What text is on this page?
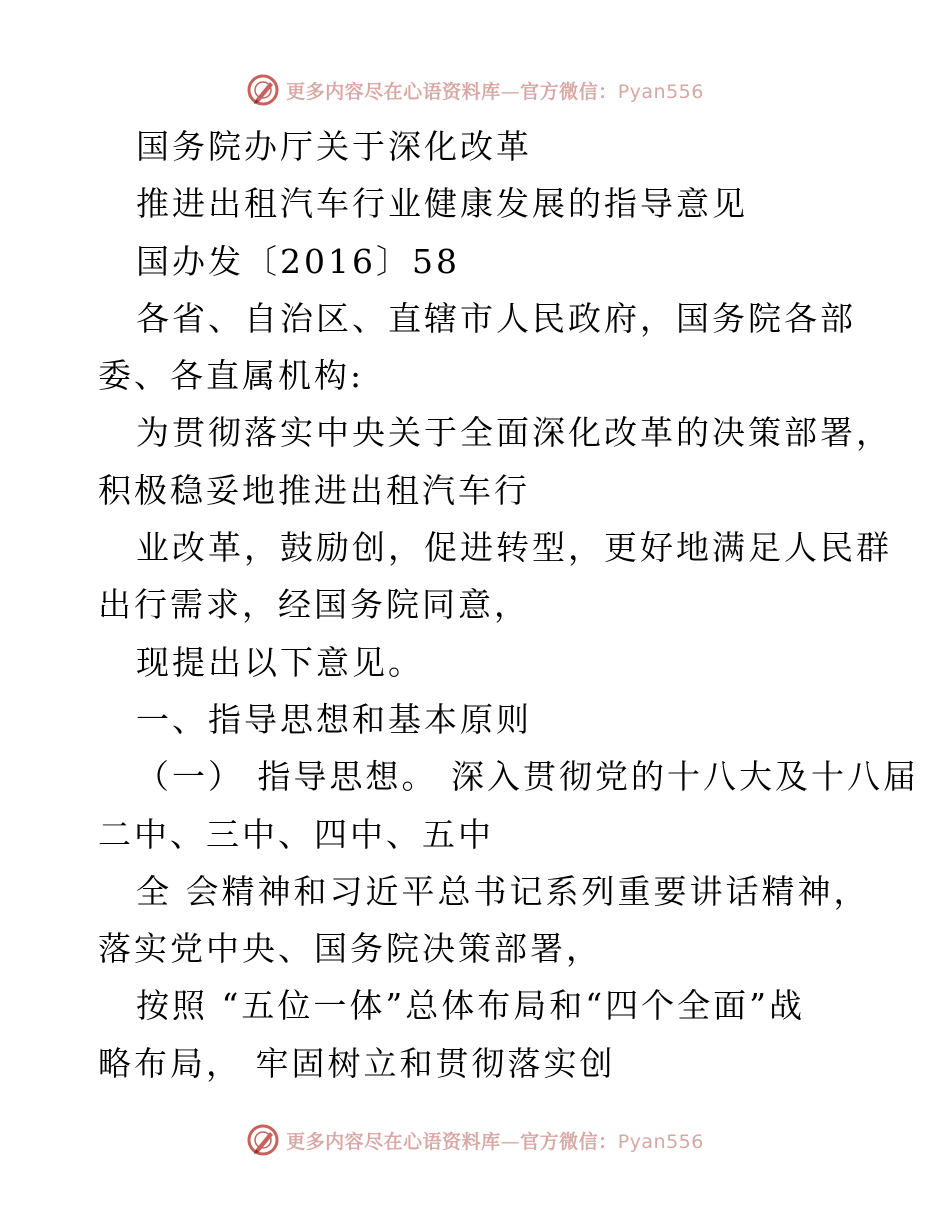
更多内容尽在心语资料库—官方微信：Pyan556
国务院办厅关于深化改革
推进出租汽车行业健康发展的指导意见
国办发〔2016〕58
各省、自治区、直辖市人民政府，国务院各部
委、各直属机构:
为贯彻落实中央关于全面深化改革的决策部署，
积极稳妥地推进出租汽车行
业改革，鼓励创，促进转型，更好地满足人民群
出行需求，经国务院同意，
现提出以下意见。
一、指导思想和基本原则
（一） 指导思想。 深入贯彻党的十八大及十八届
二中、三中、四中、五中
全 会精神和习近平总书记系列重要讲话精神，
落实党中央、国务院决策部署，
按照 “五位一体”总体布局和“四个全面”战
略布局， 牢固树立和贯彻落实创
更多内容尽在心语资料库—官方微信：Pyan556
